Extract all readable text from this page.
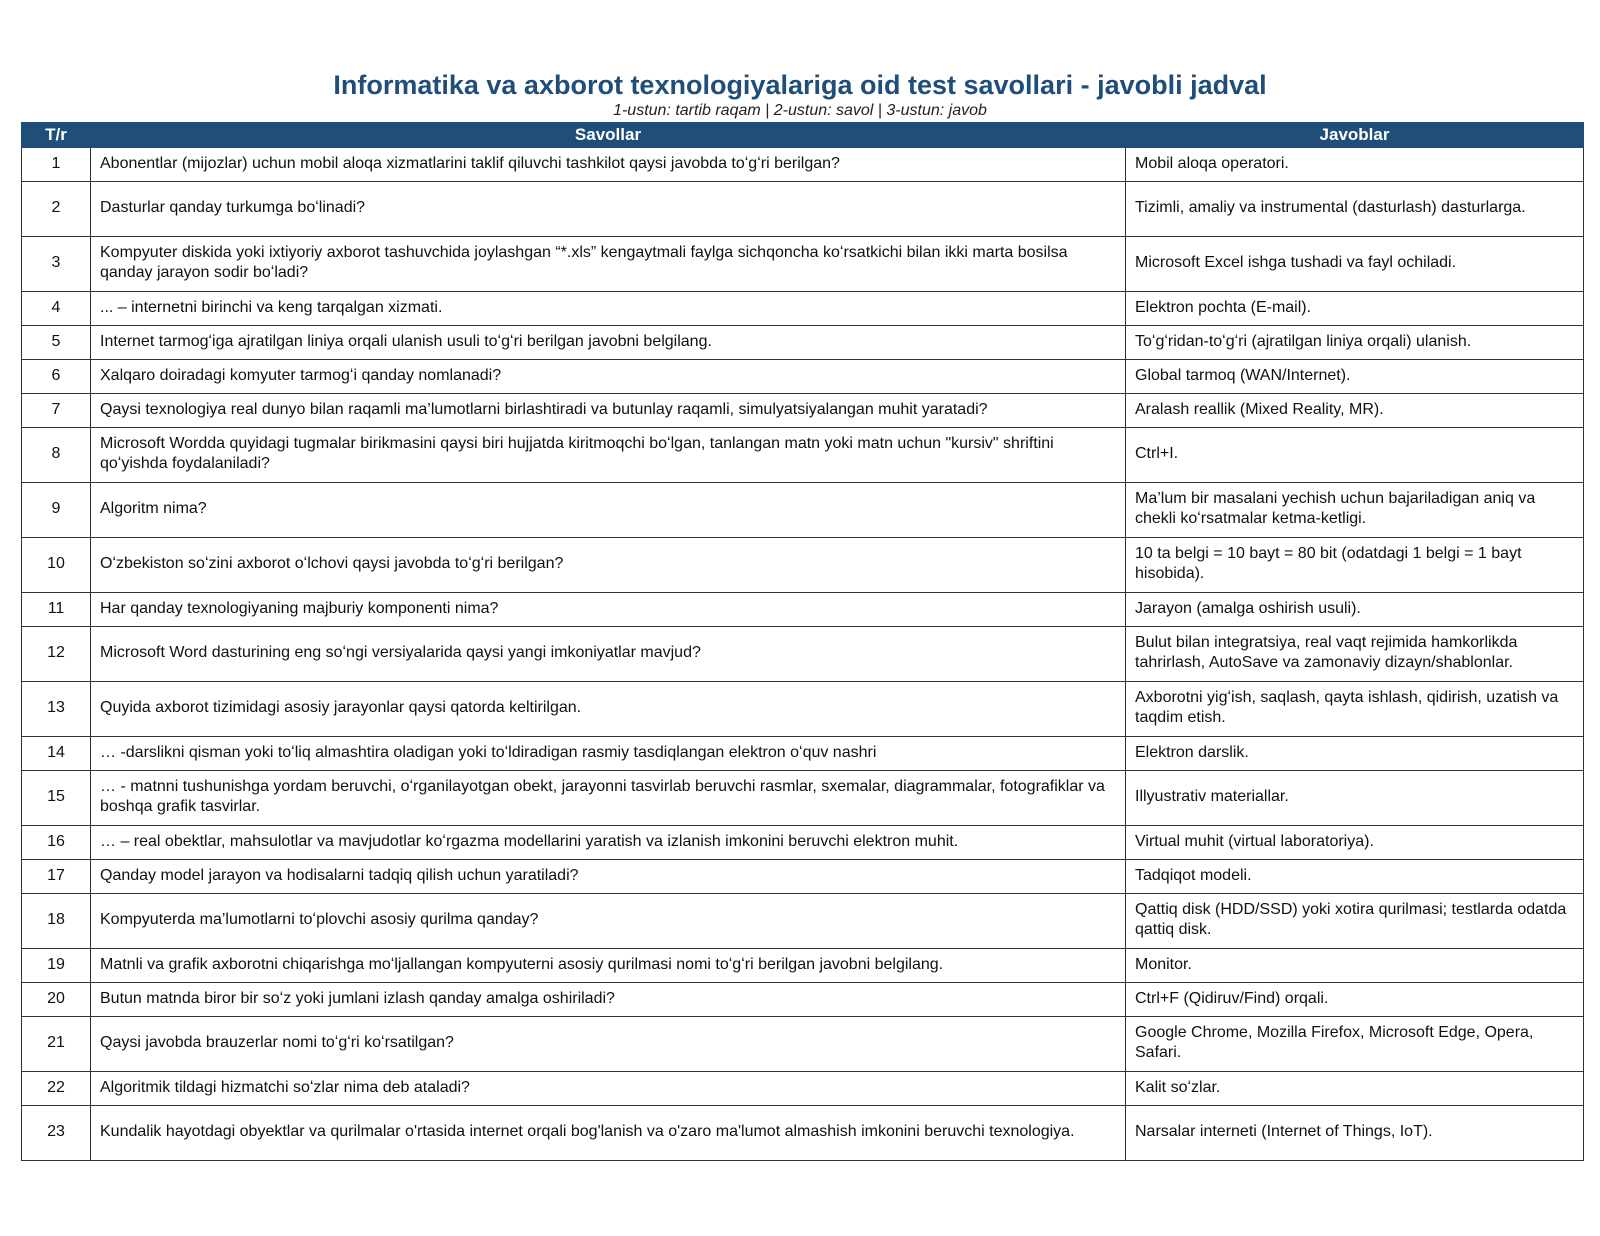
Informatika va axborot texnologiyalariga oid test savollari - javobli jadval
1-ustun: tartib raqam | 2-ustun: savol | 3-ustun: javob
T/r	Savollar	Javoblar
1	Abonentlar (mijozlar) uchun mobil aloqa xizmatlarini taklif qiluvchi tashkilot qaysi javobda toʻgʻri berilgan?	Mobil aloqa operatori.
2	Dasturlar qanday turkumga boʻlinadi?	Tizimli, amaliy va instrumental (dasturlash) dasturlarga.
3	Kompyuter diskida yoki ixtiyoriy axborot tashuvchida joylashgan “*.xls” kengaytmali faylga sichqoncha koʻrsatkichi bilan ikki marta bosilsa qanday jarayon sodir boʻladi?	Microsoft Excel ishga tushadi va fayl ochiladi.
4	... – internetni birinchi va keng tarqalgan xizmati.	Elektron pochta (E-mail).
5	Internet tarmogʻiga ajratilgan liniya orqali ulanish usuli toʻgʻri berilgan javobni belgilang.	Toʻgʻridan-toʻgʻri (ajratilgan liniya orqali) ulanish.
6	Xalqaro doiradagi komyuter tarmogʻi qanday nomlanadi?	Global tarmoq (WAN/Internet).
7	Qaysi texnologiya real dunyo bilan raqamli ma’lumotlarni birlashtiradi va butunlay raqamli, simulyatsiyalangan muhit yaratadi?	Aralash reallik (Mixed Reality, MR).
8	Microsoft Wordda quyidagi tugmalar birikmasini qaysi biri hujjatda kiritmoqchi boʻlgan, tanlangan matn yoki matn uchun "kursiv" shriftini qoʻyishda foydalaniladi?	Ctrl+I.
9	Algoritm nima?	Ma’lum bir masalani yechish uchun bajariladigan aniq va chekli koʻrsatmalar ketma-ketligi.
10	Oʻzbekiston soʻzini axborot oʻlchovi qaysi javobda toʻgʻri berilgan?	10 ta belgi = 10 bayt = 80 bit (odatdagi 1 belgi = 1 bayt hisobida).
11	Har qanday texnologiyaning majburiy komponenti nima?	Jarayon (amalga oshirish usuli).
12	Microsoft Word dasturining eng soʻngi versiyalarida qaysi yangi imkoniyatlar mavjud?	Bulut bilan integratsiya, real vaqt rejimida hamkorlikda tahrirlash, AutoSave va zamonaviy dizayn/shablonlar.
13	Quyida axborot tizimidagi asosiy jarayonlar qaysi qatorda keltirilgan.	Axborotni yigʻish, saqlash, qayta ishlash, qidirish, uzatish va taqdim etish.
14	… -darslikni qisman yoki toʻliq almashtira oladigan yoki toʻldiradigan rasmiy tasdiqlangan elektron oʻquv nashri	Elektron darslik.
15	… - matnni tushunishga yordam beruvchi, oʻrganilayotgan obekt, jarayonni tasvirlab beruvchi rasmlar, sxemalar, diagrammalar, fotografiklar va boshqa grafik tasvirlar.	Illyustrativ materiallar.
16	… – real obektlar, mahsulotlar va mavjudotlar koʻrgazma modellarini yaratish va izlanish imkonini beruvchi elektron muhit.	Virtual muhit (virtual laboratoriya).
17	Qanday model jarayon va hodisalarni tadqiq qilish uchun yaratiladi?	Tadqiqot modeli.
18	Kompyuterda ma’lumotlarni toʻplovchi asosiy qurilma qanday?	Qattiq disk (HDD/SSD) yoki xotira qurilmasi; testlarda odatda qattiq disk.
19	Matnli va grafik axborotni chiqarishga moʻljallangan kompyuterni asosiy qurilmasi nomi toʻgʻri berilgan javobni belgilang.	Monitor.
20	Butun matnda biror bir soʻz yoki jumlani izlash qanday amalga oshiriladi?	Ctrl+F (Qidiruv/Find) orqali.
21	Qaysi javobda brauzerlar nomi toʻgʻri koʻrsatilgan?	Google Chrome, Mozilla Firefox, Microsoft Edge, Opera, Safari.
22	Algoritmik tildagi hizmatchi soʻzlar nima deb ataladi?	Kalit soʻzlar.
23	Kundalik hayotdagi obyektlar va qurilmalar o'rtasida internet orqali bog'lanish va o'zaro ma'lumot almashish imkonini beruvchi texnologiya.	Narsalar interneti (Internet of Things, IoT).
